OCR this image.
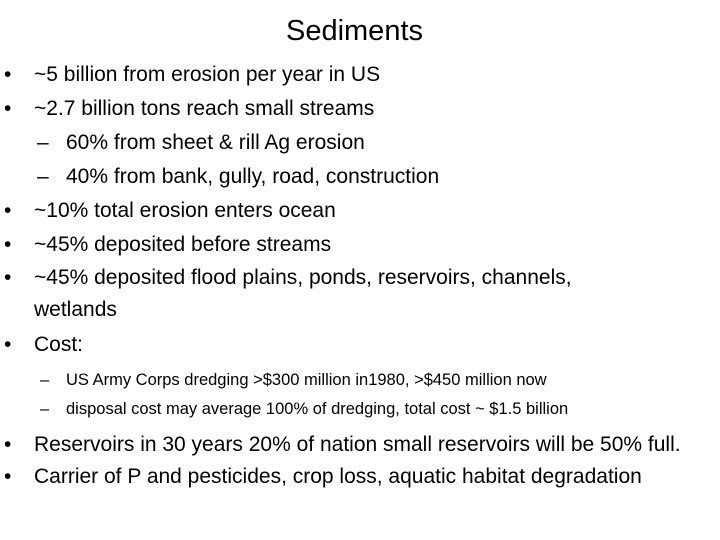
Sediments
• ~5 billion from erosion per year in US
• ~2.7 billion tons reach small streams
– 60% from sheet & rill Ag erosion
– 40% from bank, gully, road, construction
• ~10% total erosion enters ocean
• ~45% deposited before streams
• ~45% deposited flood plains, ponds, reservoirs, channels, wetlands
• Cost:
– US Army Corps dredging >$300 million in1980, >$450 million now
– disposal cost may average 100% of dredging, total cost ~ $1.5 billion
• Reservoirs in 30 years 20% of nation small reservoirs will be 50% full.
• Carrier of P and pesticides, crop loss, aquatic habitat degradation
